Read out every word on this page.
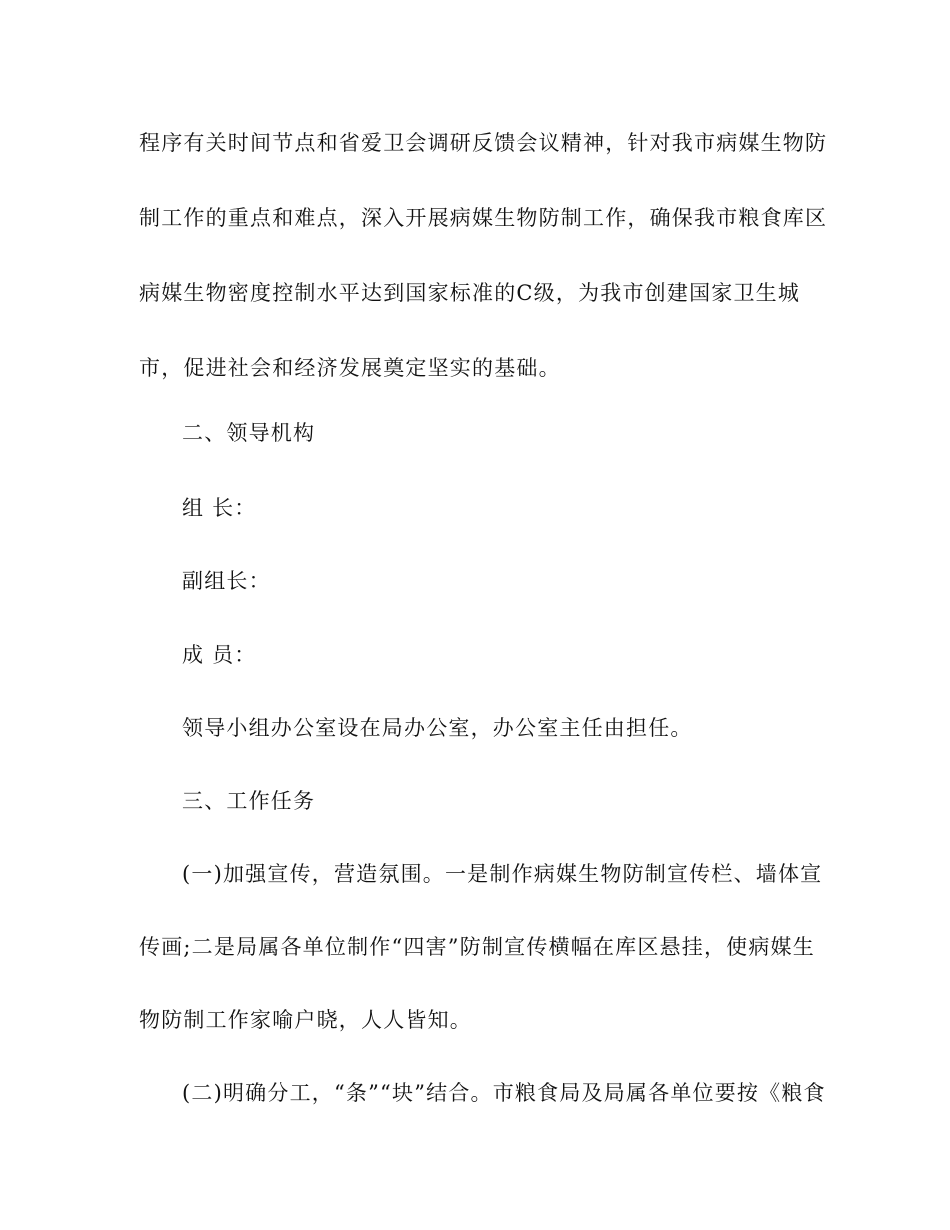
程序有关时间节点和省爱卫会调研反馈会议精神，针对我市病媒生物防
制工作的重点和难点，深入开展病媒生物防制工作，确保我市粮食库区
病媒生物密度控制水平达到国家标准的C级，为我市创建国家卫生城
市，促进社会和经济发展奠定坚实的基础。
二、领导机构
组 长：
副组长：
成 员：
领导小组办公室设在局办公室，办公室主任由担任。
三、工作任务
(一)加强宣传，营造氛围。一是制作病媒生物防制宣传栏、墙体宣
传画;二是局属各单位制作“四害”防制宣传横幅在库区悬挂，使病媒生
物防制工作家喻户晓，人人皆知。
(二)明确分工，“条”“块”结合。市粮食局及局属各单位要按《粮食
